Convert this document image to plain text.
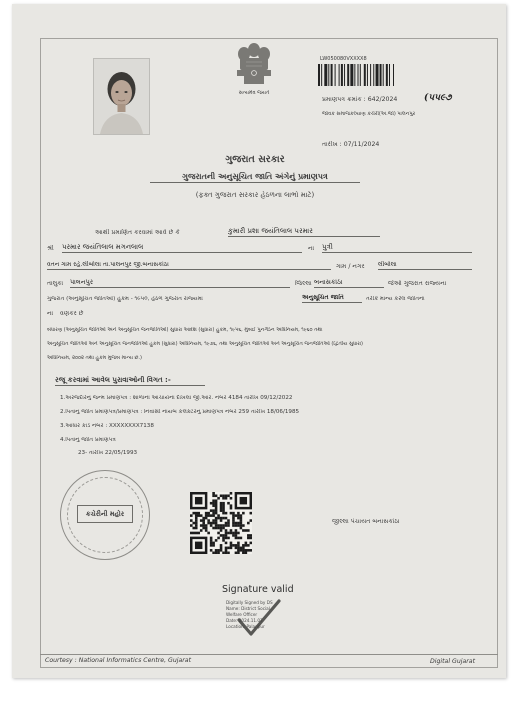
સત્યમેવ જયતે
LW050080VXXXX8
પ્રમાણપત્ર ક્રમાંક : 642/2024	(પપ૯૭
જાવક સમાજકલ્યાણ કચેરી(અ.જા) પાલનપુર
તારીખ : 07/11/2024
ગુજરાત સરકાર
ગુજરાતની અનુસૂચિત જાતિ અંગેનું પ્રમાણપત્ર
(ફક્ત ગુજરાત સરકાર હેઠળના લાભો માટે)
આથી પ્રમાણિત કરવામાં આવે છે કે	કુમારી પ્રશા જયંતિલાલ પરમાર
શ્રી	પરમાર જયંતિલાલ મગનલાલ	ના	પુત્રી
વતન ગામ રહે.લીંબોલા તા.પાલનપુર જી.બનાસકાંઠા	ગામ / નગર	લીંબોલા
તાલુકા	પાલનપુર	જિલ્લા બનાસકાંઠા	જેઓ ગુજરાત રાજ્યના
ગુજરાત (અનુસૂચિત જાતિઓ) હુકમ - ૧૯૫૦, હેઠળ ગુજરાત રાજ્યમાં	અનુસૂચિત જાતિ	તરીકે માન્ય કરેલ જાતિના
ના	વણકર છે
બંધારણ (અનુસૂચિત જાતિઓ અને અનુસૂચિત જનજાતિઓ) સુધારા આદેશ (સુધારા) હુકમ, ૧૯૫૬, મુંબઈ પુનર્ગઠન અધિનિયમ, ૧૯૬૦ તથા
અનુસૂચિત જાતિઓ અને અનુસૂચિત જનજાતિઓ હુકમ (સુધારા) અધિનિયમ, ૧૯૭૬, તથા અનુસૂચિત જાતિઓ અને અનુસૂચિત જનજાતિઓ (દ્વિતીય સુધારા)
અધિનિયમ, ૨૦૦૨ તથા હુકમ મુજબ માન્ય છે.)
રજૂ કરવામાં આવેલ પુરાવાઓની વિગત :-
1.અરજદારનું જન્મ પ્રમાણપત્ર : શાળાના આચાર્યના દાખલા જી.આર. નંબર 4184 તારીખ 09/12/2022
2.પિતાનું જાતિ પ્રમાણપત્ર/પ્રમાણપત્ર : નિવાસી નાયબ કલેક્ટરનું પ્રમાણપત્ર નંબર 259 તારીખ 18/06/1985
3.આધાર કાર્ડ નંબર : XXXXXXXX7138
4.પિતાનું જાતિ પ્રમાણપત્ર
23- તારીખ 22/05/1993
કચેરીની મહોર
જીલ્લા પંચાયત બનાસકાંઠા
Signature valid
Digitally Signed by DS
Name: District Social
Welfare Officer
Date: 2024.11.07
Location: Palanpur
Courtesy : National Informatics Centre, Gujarat	Digital Gujarat
